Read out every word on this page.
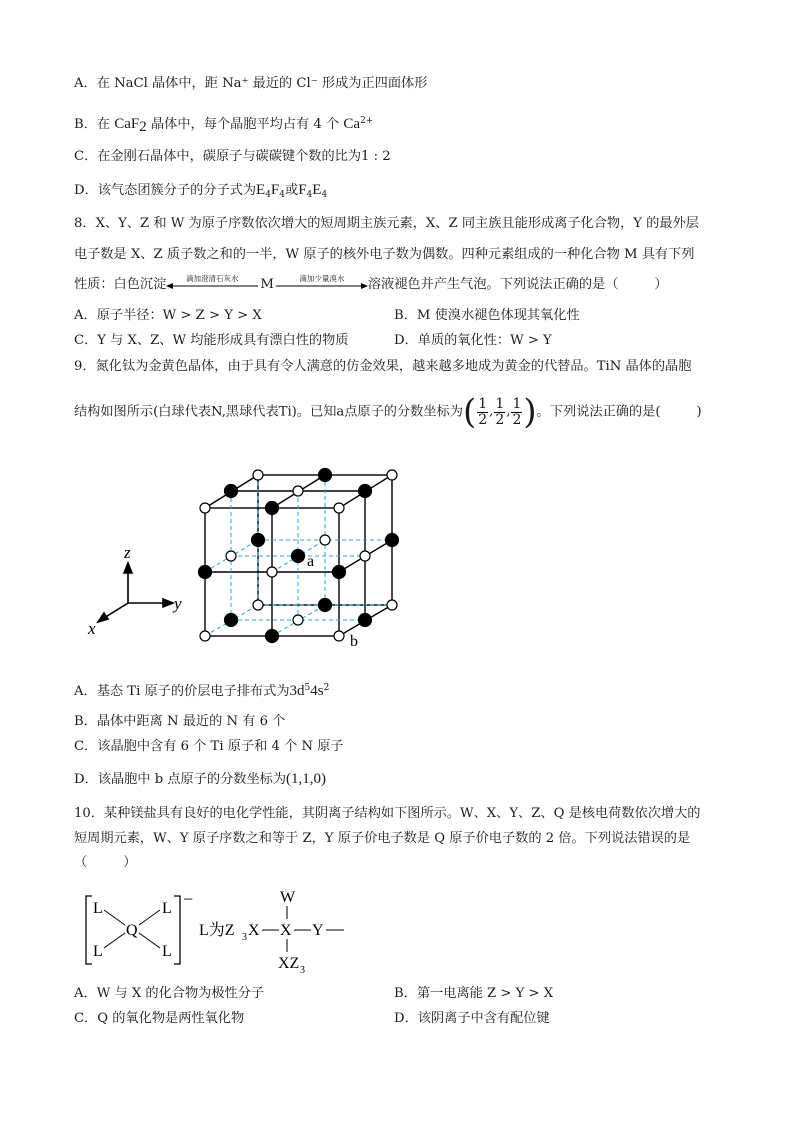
A．在 NaCl 晶体中，距 Na⁺ 最近的 Cl⁻ 形成为正四面体形
B．在 CaF$_2$ 晶体中，每个晶胞平均占有 4 个 $Ca^{2+}$
C．在金刚石晶体中，碳原子与碳碳键个数的比为1 : 2
D．该气态团簇分子的分子式为$E_4F_4$或$F_4E_4$
8．X、Y、Z 和 W 为原子序数依次增大的短周期主族元素，X、Z 同主族且能形成离子化合物，Y 的最外层
电子数是 X、Z 质子数之和的一半，W 原子的核外电子数为偶数。四种元素组成的一种化合物 M 具有下列
性质：白色沉淀	滴加澄清石灰水	M	滴加少量溴水	溶液褪色并产生气泡。下列说法正确的是（	）
A．原子半径：W > Z > Y > X	B．M 使溴水褪色体现其氧化性
C．Y 与 X、Z、W 均能形成具有漂白性的物质	D．单质的氧化性：W > Y
9．氮化钛为金黄色晶体，由于具有令人满意的仿金效果，越来越多地成为黄金的代替品。TiN 晶体的晶胞
结构如图所示(白球代表N,黑球代表Ti)。已知a点原子的分数坐标为 ( $\frac{1}{2}$ , $\frac{1}{2}$ , $\frac{1}{2}$ ) 。下列说法正确的是(	)
z
y
x
a
b
A．基态 Ti 原子的价层电子排布式为$3d^54s^2$
B．晶体中距离 N 最近的 N 有 6 个
C．该晶胞中含有 6 个 Ti 原子和 4 个 N 原子
D．该晶胞中 b 点原子的分数坐标为(1,1,0)
10．某种镁盐具有良好的电化学性能，其阴离子结构如下图所示。W、X、Y、Z、Q 是核电荷数依次增大的
短周期元素，W、Y 原子序数之和等于 Z，Y 原子价电子数是 Q 原子价电子数的 2 倍。下列说法错误的是
（	）
−
L	L
L	L
Q	L为Z 3 X X Y
W
XZ 3
A．W 与 X 的化合物为极性分子	B．第一电离能 Z > Y > X
C．Q 的氧化物是两性氧化物	D．该阴离子中含有配位键
